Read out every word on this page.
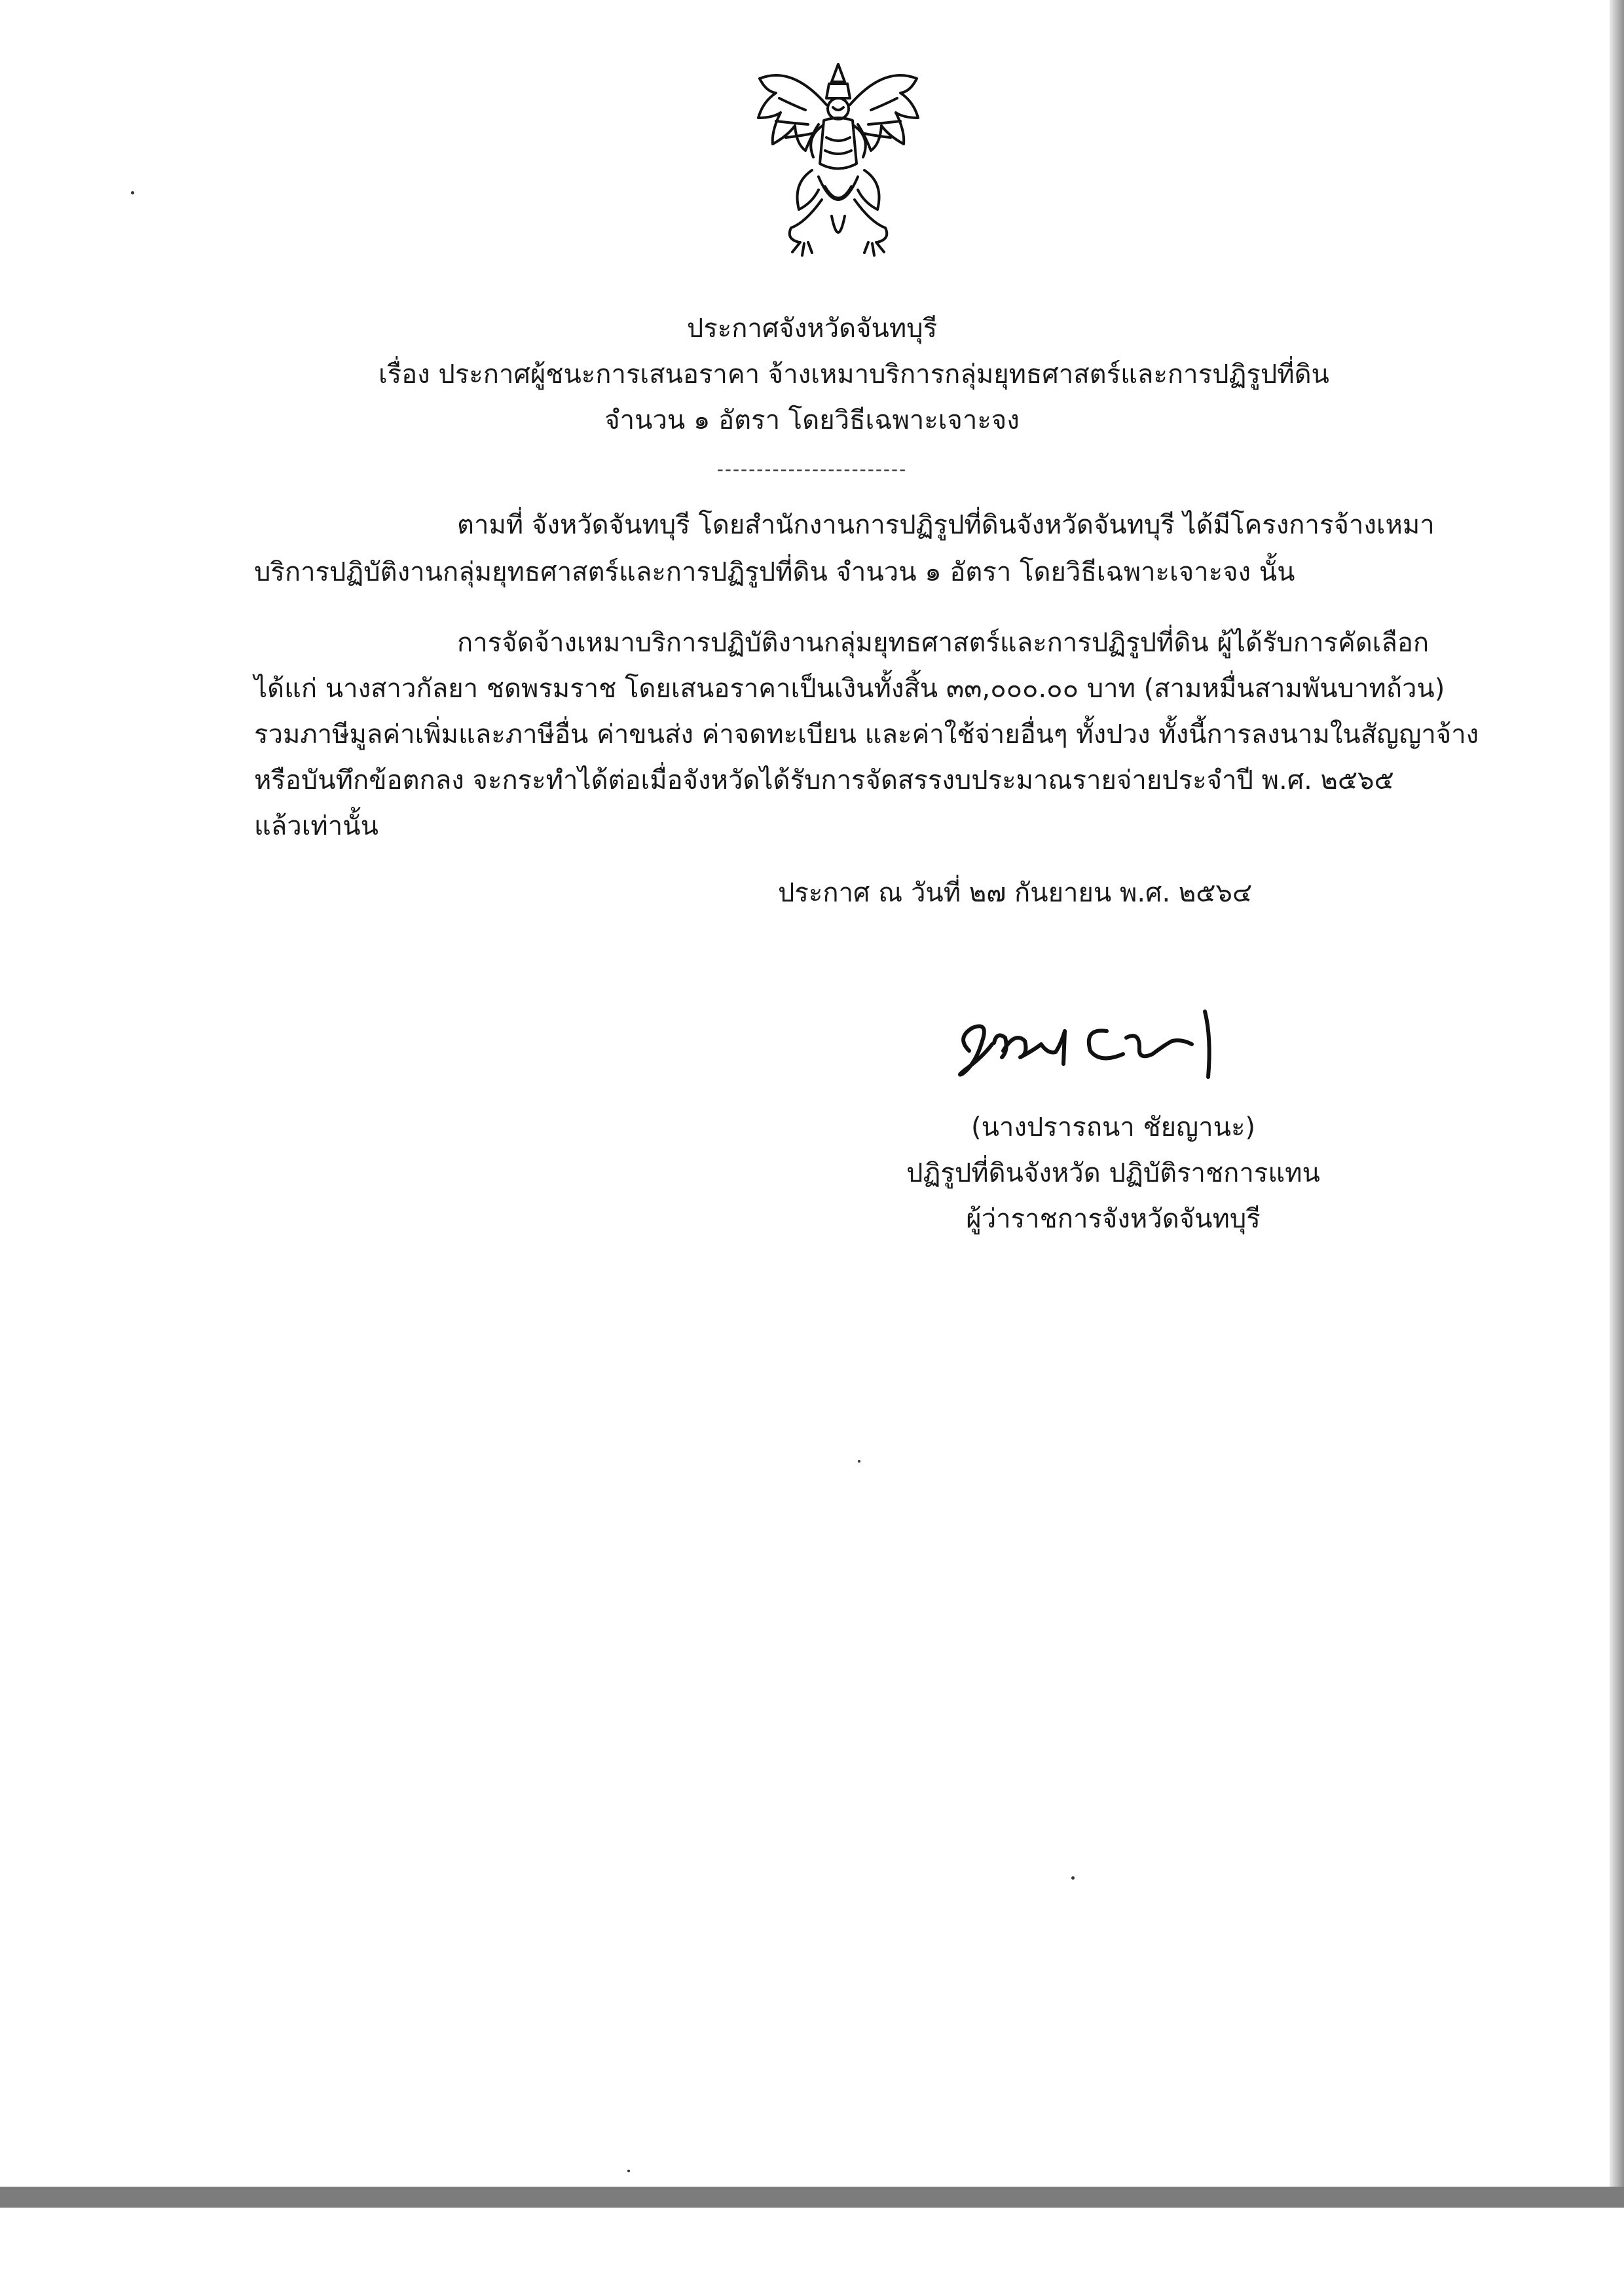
ประกาศจังหวัดจันทบุรี
เรื่อง ประกาศผู้ชนะการเสนอราคา จ้างเหมาบริการกลุ่มยุทธศาสตร์และการปฏิรูปที่ดิน
จำนวน ๑ อัตรา โดยวิธีเฉพาะเจาะจง
------------------------
ตามที่ จังหวัดจันทบุรี โดยสำนักงานการปฏิรูปที่ดินจังหวัดจันทบุรี ได้มีโครงการจ้างเหมา
บริการปฏิบัติงานกลุ่มยุทธศาสตร์และการปฏิรูปที่ดิน จำนวน ๑ อัตรา โดยวิธีเฉพาะเจาะจง นั้น
การจัดจ้างเหมาบริการปฏิบัติงานกลุ่มยุทธศาสตร์และการปฏิรูปที่ดิน ผู้ได้รับการคัดเลือก
ได้แก่ นางสาวกัลยา ชดพรมราช โดยเสนอราคาเป็นเงินทั้งสิ้น ๓๓,๐๐๐.๐๐ บาท (สามหมื่นสามพันบาทถ้วน)
รวมภาษีมูลค่าเพิ่มและภาษีอื่น ค่าขนส่ง ค่าจดทะเบียน และค่าใช้จ่ายอื่นๆ ทั้งปวง ทั้งนี้การลงนามในสัญญาจ้าง
หรือบันทึกข้อตกลง จะกระทำได้ต่อเมื่อจังหวัดได้รับการจัดสรรงบประมาณรายจ่ายประจำปี พ.ศ. ๒๕๖๕
แล้วเท่านั้น
ประกาศ ณ วันที่ ๒๗ กันยายน พ.ศ. ๒๕๖๔
(นางปรารถนา ชัยญานะ)
ปฏิรูปที่ดินจังหวัด ปฏิบัติราชการแทน
ผู้ว่าราชการจังหวัดจันทบุรี
